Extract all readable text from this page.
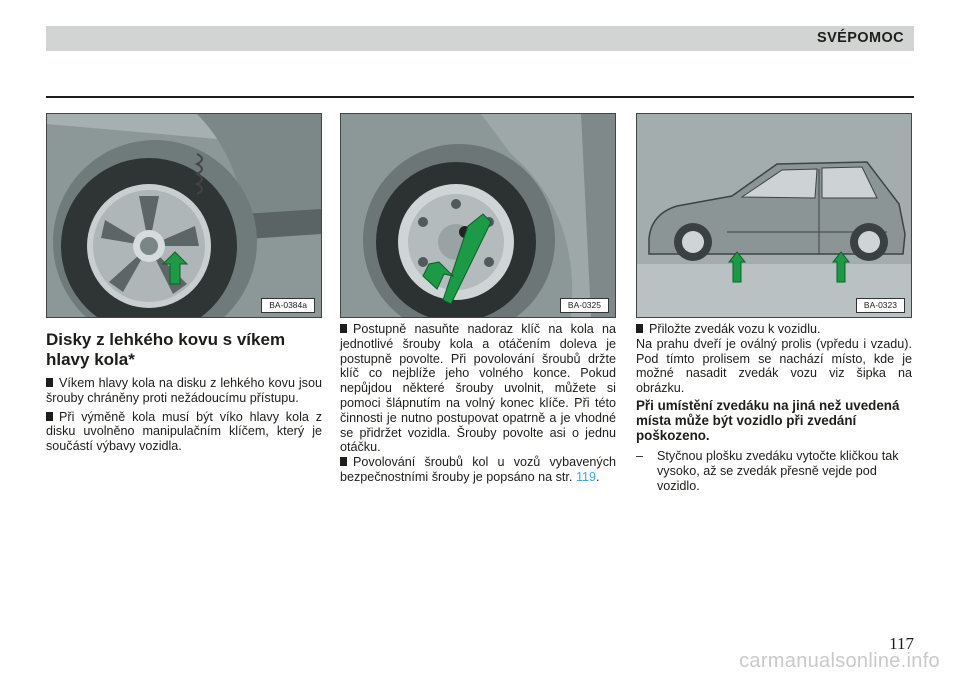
SVÉPOMOC
BA-0384a	BA-0325	BA-0323
Disky z lehkého kovu s víkem
hlavy kola*

Víkem hlavy kola na disku z lehkého kovu jsou šrouby chráněny proti nežádoucímu přístupu.

Při výměně kola musí být víko hlavy kola z disku uvolněno manipulačním klíčem, který je součástí výbavy vozidla.

Postupně nasuňte nadoraz klíč na kola na jednotlivé šrouby kola a otáčením doleva je postupně povolte. Při povolování šroubů držte klíč co nejblíže jeho volného konce. Pokud nepůjdou některé šrouby uvolnit, můžete si pomoci šlápnutím na volný konec klíče. Při této činnosti je nutno postupovat opatrně a je vhodné se přidržet vozidla. Šrouby povolte asi o jednu otáčku.

Povolování šroubů kol u vozů vybavených bezpečnostními šrouby je popsáno na str. 119.

Přiložte zvedák vozu k vozidlu.

Na prahu dveří je oválný prolis (vpředu i vzadu). Pod tímto prolisem se nachází místo, kde je možné nasadit zvedák vozu viz šipka na obrázku.

Při umístění zvedáku na jiná než uvedená místa může být vozidlo při zvedání poškozeno.

– Styčnou plošku zvedáku vytočte kličkou tak vysoko, až se zvedák přesně vejde pod vozidlo.

117
carmanualsonline.info
